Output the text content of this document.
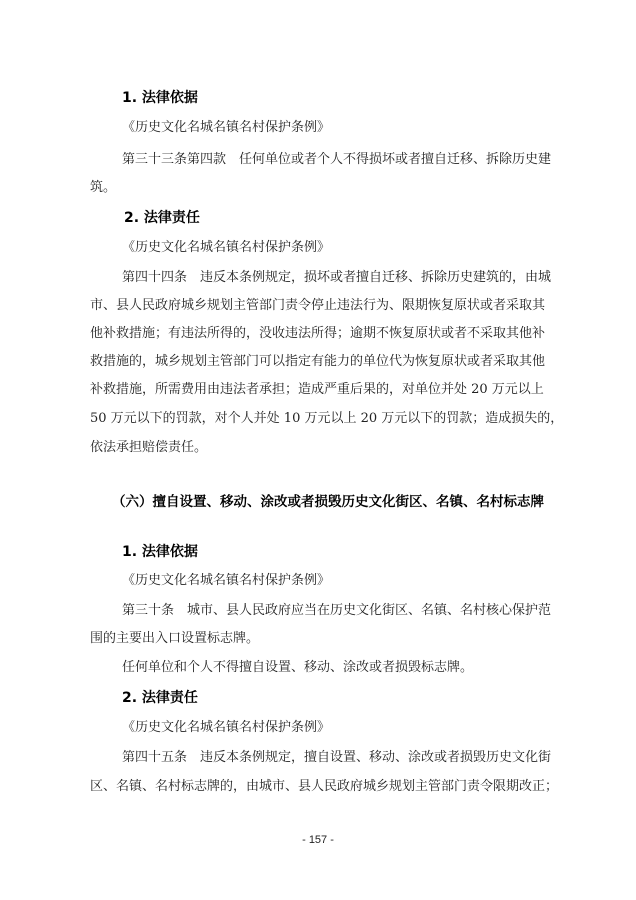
1. 法律依据
《历史文化名城名镇名村保护条例》
第三十三条第四款　任何单位或者个人不得损坏或者擅自迁移、拆除历史建
筑。
2. 法律责任
《历史文化名城名镇名村保护条例》
第四十四条　违反本条例规定，损坏或者擅自迁移、拆除历史建筑的，由城
市、县人民政府城乡规划主管部门责令停止违法行为、限期恢复原状或者采取其
他补救措施；有违法所得的，没收违法所得；逾期不恢复原状或者不采取其他补
救措施的，城乡规划主管部门可以指定有能力的单位代为恢复原状或者采取其他
补救措施，所需费用由违法者承担；造成严重后果的，对单位并处 20 万元以上
50 万元以下的罚款，对个人并处 10 万元以上 20 万元以下的罚款；造成损失的，
依法承担赔偿责任。
（六）擅自设置、移动、涂改或者损毁历史文化街区、名镇、名村标志牌
1. 法律依据
《历史文化名城名镇名村保护条例》
第三十条　城市、县人民政府应当在历史文化街区、名镇、名村核心保护范
围的主要出入口设置标志牌。
任何单位和个人不得擅自设置、移动、涂改或者损毁标志牌。
2. 法律责任
《历史文化名城名镇名村保护条例》
第四十五条　违反本条例规定，擅自设置、移动、涂改或者损毁历史文化街
区、名镇、名村标志牌的，由城市、县人民政府城乡规划主管部门责令限期改正；
- 157 -
